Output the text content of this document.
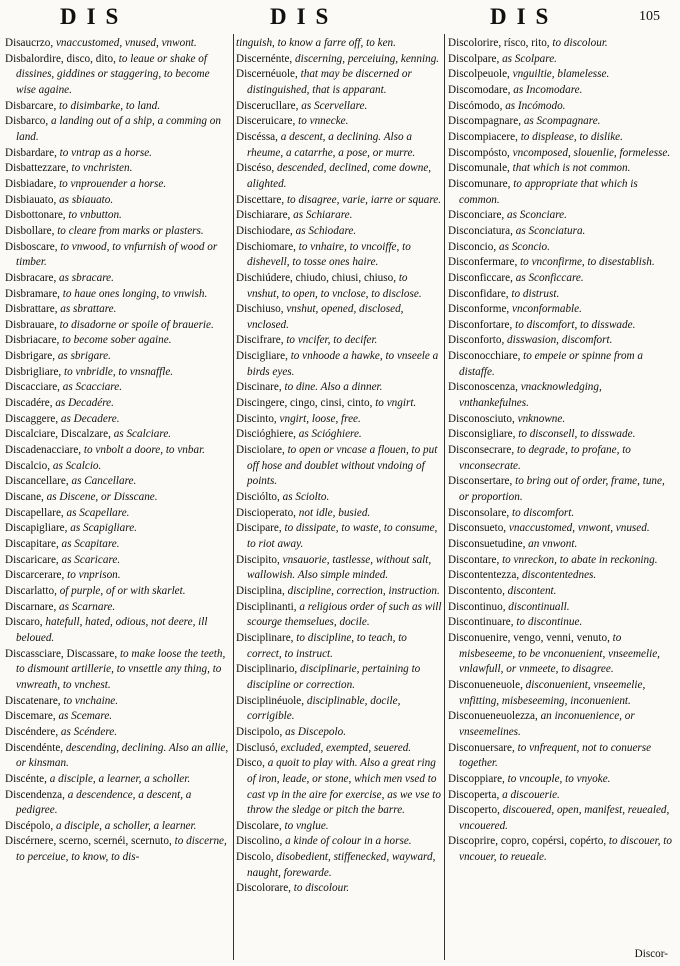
DIS	DIS	DIS	105
Disaucrzo, vnaccustomed, vnused, vnwont.
Disbalordire, disco, dito, to leaue or shake of dissines, giddines or staggering, to become wise againe.
Disbarcare, to disimbarke, to land.
Disbarco, a landing out of a ship, a comming on land.
Disbardare, to vntrap as a horse.
Disbattezzare, to vnchristen.
Disbiadare, to vnprouender a horse.
Disbiauato, as sbiauato.
Disbottonare, to vnbutton.
Disbollare, to cleare from marks or plasters.
Disboscare, to vnwood, to vnfurnish of wood or timber.
Disbracare, as sbracare.
Disbramare, to haue ones longing, to vnwish.
Disbrattare, as sbrattare.
Disbrauare, to disadorne or spoile of brauerie.
Disbriacare, to become sober againe.
Disbrigare, as sbrigare.
Disbrigliare, to vnbridle, to vnsnaffle.
Discacciare, as Scacciare.
Discadére, as Decadére.
Discaggere, as Decadere.
Discalciare, Discalzare, as Scalciare.
Discadenacciare, to vnbolt a doore, to vnbar.
Discalcio, as Scalcio.
Discancellare, as Cancellare.
Discane, as Discene, or Disscane.
Discapellare, as Scapellare.
Discapigliare, as Scapigliare.
Discapitare, as Scapitare.
Discaricare, as Scaricare.
Discarcerare, to vnprison.
Discarlatto, of purple, of or with skarlet.
Discarnare, as Scarnare.
Discaro, hatefull, hated, odious, not deere, ill beloued.
Discassciare, Discassare, to make loose the teeth, to dismount artillerie, to vnsettle any thing, to vnwreath, to vnchest.
Discatenare, to vnchaine.
Discemare, as Scemare.
Discéndere, as Scéndere.
Discendénte, descending, declining. Also an allie, or kinsman.
Discénte, a disciple, a learner, a scholler.
Discendenza, a descendence, a descent, a pedigree.
Discépolo, a disciple, a scholler, a learner.
Discérnere, scerno, scernéi, scernuto, to discerne, to perceiue, to know, to dis-
tinguish, to know a farre off, to ken.
Discernénte, discerning, perceiuing, kenning.
Discernéuole, that may be discerned or distinguished, that is apparant.
Discerucllare, as Scervellare.
Disceruicare, to vnnecke.
Discéssa, a descent, a declining. Also a rheume, a catarrhe, a pose, or murre.
Discéso, descended, declined, come downe, alighted.
Discettare, to disagree, varie, iarre or square.
Dischiarare, as Schiarare.
Dischiodare, as Schiodare.
Dischiomare, to vnhaire, to vncoiffe, to dishevell, to tosse ones haire.
Dischiúdere, chiudo, chiusi, chiuso, to vnshut, to open, to vnclose, to disclose.
Dischiuso, vnshut, opened, disclosed, vnclosed.
Discifrare, to vncifer, to decifer.
Discigliare, to vnhoode a hawke, to vnseele a birds eyes.
Discinare, to dine. Also a dinner.
Discingere, cingo, cinsi, cinto, to vngirt.
Discinto, vngirt, loose, free.
Discióghiere, as Scióghiere.
Disciolare, to open or vncase a flouen, to put off hose and doublet without vndoing of points.
Disciólto, as Sciolto.
Discioperato, not idle, busied.
Discipare, to dissipate, to waste, to consume, to riot away.
Discipito, vnsauorie, tastlesse, without salt, wallowish. Also simple minded.
Disciplina, discipline, correction, instruction.
Disciplinanti, a religious order of such as will scourge themselues, docile.
Disciplinare, to discipline, to teach, to correct, to instruct.
Disciplinario, disciplinarie, pertaining to discipline or correction.
Disciplinéuole, disciplinable, docile, corrigible.
Discipolo, as Discepolo.
Disclusó, excluded, exempted, seuered.
Disco, a quoit to play with. Also a great ring of iron, leade, or stone, which men vsed to cast vp in the aire for exercise, as we vse to throw the sledge or pitch the barre.
Discolare, to vnglue.
Discolino, a kinde of colour in a horse.
Discolo, disobedient, stiffenecked, wayward, naught, forewarde.
Discolorare, to discolour.
Discolorire, rísco, rito, to discolour.
Discolpare, as Scolpare.
Discolpeuole, vnguiltie, blamelesse.
Discomodare, as Incomodare.
Discómodo, as Incómodo.
Discompagnare, as Scompagnare.
Discompiacere, to displease, to dislike.
Discompósto, vncomposed, slouenlie, formelesse.
Discomunale, that which is not common.
Discomunare, to appropriate that which is common.
Disconciare, as Sconciare.
Disconciatura, as Sconciatura.
Disconcio, as Sconcio.
Disconfermare, to vnconfirme, to disestablish.
Disconficcare, as Sconficcare.
Disconfidare, to distrust.
Disconforme, vnconformable.
Disconfortare, to discomfort, to disswade.
Disconforto, disswasion, discomfort.
Disconocchiare, to empeie or spinne from a distaffe.
Disconoscenza, vnacknowledging, vnthankefulnes.
Disconosciuto, vnknowne.
Disconsigliare, to disconsell, to disswade.
Disconsecrare, to degrade, to profane, to vnconsecrate.
Disconsertare, to bring out of order, frame, tune, or proportion.
Disconsolare, to discomfort.
Disconsueto, vnaccustomed, vnwont, vnused.
Disconsuetudine, an vnwont.
Discontare, to vnreckon, to abate in reckoning.
Discontentezza, discontentednes.
Discontento, discontent.
Discontinuo, discontinuall.
Discontinuare, to discontinue.
Disconuenire, vengo, venni, venuto, to misbeseeme, to be vnconuenient, vnseemelie, vnlawfull, or vnmeete, to disagree.
Disconueneuole, disconuenient, vnseemelie, vnfitting, misbeseeming, inconuenient.
Disconueneuolezza, an inconuenience, or vnseemelines.
Disconuersare, to vnfrequent, not to conuerse together.
Discoppiare, to vncouple, to vnyoke.
Discoperta, a discouerie.
Discoperto, discouered, open, manifest, reuealed, vncouered.
Discoprire, copro, copérsi, copérto, to discouer, to vncouer, to reueale.
Discor-
